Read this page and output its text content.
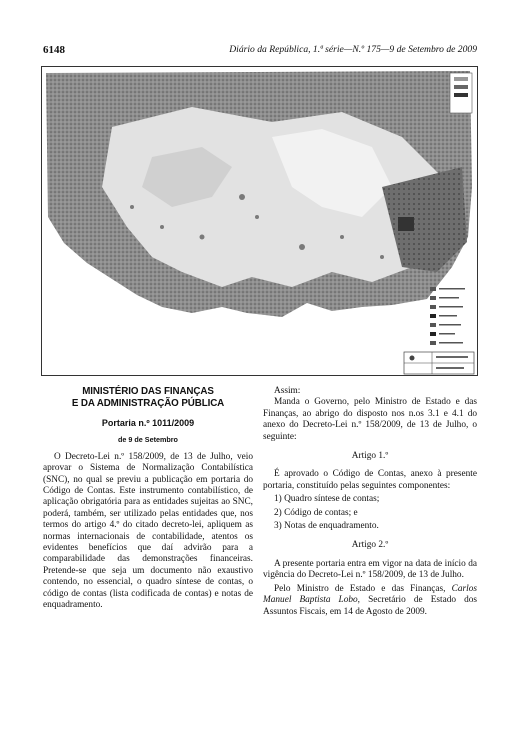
6148	Diário da República, 1.ª série—N.º 175—9 de Setembro de 2009
MINISTÉRIO DAS FINANÇAS
E DA ADMINISTRAÇÃO PÚBLICA
Portaria n.º 1011/2009
de 9 de Setembro

O Decreto-Lei n.º 158/2009, de 13 de Julho, veio aprovar o Sistema de Normalização Contabilística (SNC), no qual se previu a publicação em portaria do Código de Contas. Este instrumento contabilístico, de aplicação obrigatória para as entidades sujeitas ao SNC, poderá, também, ser utilizado pelas entidades que, nos termos do artigo 4.º do citado decreto-lei, apliquem as normas internacionais de contabilidade, atentos os evidentes benefícios que daí advirão para a comparabilidade das demonstrações financeiras. Pretende-se que seja um documento não exaustivo contendo, no essencial, o quadro síntese de contas, o código de contas (lista codificada de contas) e notas de enquadramento.

Assim:

Manda o Governo, pelo Ministro de Estado e das Finanças, ao abrigo do disposto nos n.os 3.1 e 4.1 do anexo do Decreto-Lei n.º 158/2009, de 13 de Julho, o seguinte:

Artigo 1.º

É aprovado o Código de Contas, anexo à presente portaria, constituído pelas seguintes componentes:

1) Quadro síntese de contas;
2) Código de contas; e
3) Notas de enquadramento.
Artigo 2.º

A presente portaria entra em vigor na data de início da vigência do Decreto-Lei n.º 158/2009, de 13 de Julho.

Pelo Ministro de Estado e das Finanças, Carlos Manuel Baptista Lobo, Secretário de Estado dos Assuntos Fiscais, em 14 de Agosto de 2009.
